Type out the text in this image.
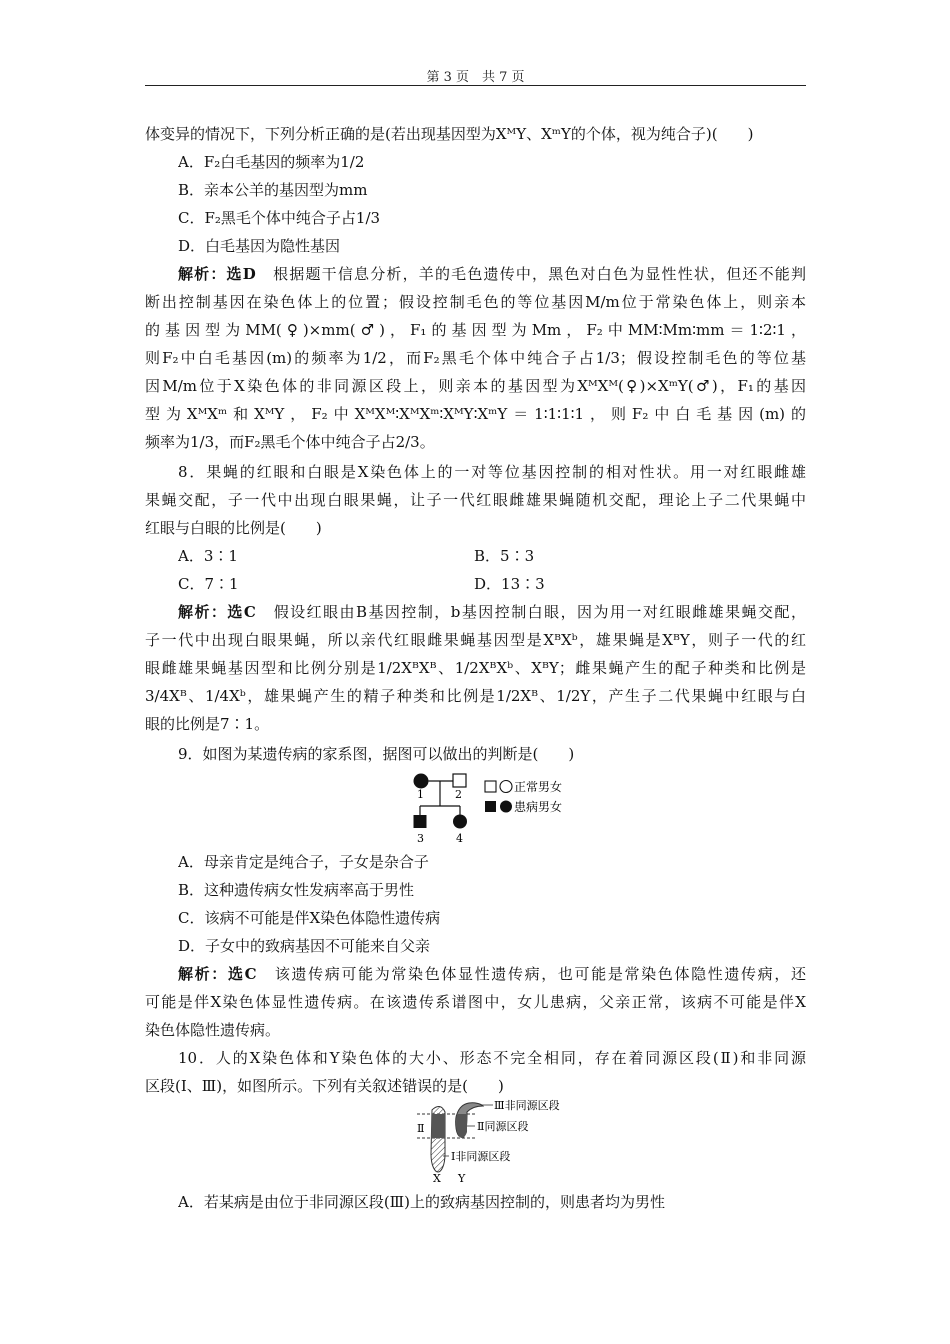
第 3 页　共 7 页
体变异的情况下，下列分析正确的是(若出现基因型为XᴹY、XᵐY的个体，视为纯合子)(　　)
A．F₂白毛基因的频率为1/2
B．亲本公羊的基因型为mm
C．F₂黑毛个体中纯合子占1/3
D．白毛基因为隐性基因
解析：选D　 根据题干信息分析，羊的毛色遗传中，黑色对白色为显性性状，但还不能判
断出控制基因在染色体上的位置；假设控制毛色的等位基因M/m位于常染色体上，则亲本
的基因型为MM(♀)×mm(♂)，F₁的基因型为Mm，F₂中MM∶Mm∶mm＝1∶2∶1，
则F₂中白毛基因(m)的频率为1/2，而F₂黑毛个体中纯合子占1/3；假设控制毛色的等位基
因M/m位于X染色体的非同源区段上，则亲本的基因型为XᴹXᴹ(♀)×XᵐY(♂)，F₁的基因
型为XᴹXᵐ和XᴹY，F₂中XᴹXᴹ∶XᴹXᵐ∶XᴹY∶XᵐY＝1∶1∶1∶1，则F₂中白毛基因(m)的
频率为1/3，而F₂黑毛个体中纯合子占2/3。
8．果蝇的红眼和白眼是X染色体上的一对等位基因控制的相对性状。用一对红眼雌雄
果蝇交配，子一代中出现白眼果蝇，让子一代红眼雌雄果蝇随机交配，理论上子二代果蝇中
红眼与白眼的比例是(　　)
A．3∶1	B．5∶3
C．7∶1	D．13∶3
解析：选C　 假设红眼由B基因控制，b基因控制白眼，因为用一对红眼雌雄果蝇交配，
子一代中出现白眼果蝇，所以亲代红眼雌果蝇基因型是XᴮXᵇ，雄果蝇是XᴮY，则子一代的红
眼雌雄果蝇基因型和比例分别是1/2XᴮXᴮ、1/2XᴮXᵇ、XᴮY；雌果蝇产生的配子种类和比例是
3/4Xᴮ、1/4Xᵇ，雄果蝇产生的精子种类和比例是1/2Xᴮ、1/2Y，产生子二代果蝇中红眼与白
眼的比例是7∶1。
9．如图为某遗传病的家系图，据图可以做出的判断是(　　)
1	2
3	4
正常男女
患病男女
A．母亲肯定是纯合子，子女是杂合子
B．这种遗传病女性发病率高于男性
C．该病不可能是伴X染色体隐性遗传病
D．子女中的致病基因不可能来自父亲
解析：选C　 该遗传病可能为常染色体显性遗传病，也可能是常染色体隐性遗传病，还
可能是伴X染色体显性遗传病。在该遗传系谱图中，女儿患病，父亲正常，该病不可能是伴X
染色体隐性遗传病。
10．人的X染色体和Y染色体的大小、形态不完全相同，存在着同源区段(Ⅱ)和非同源
区段(Ⅰ、Ⅲ)，如图所示。下列有关叙述错误的是(　　)
Ⅲ非同源区段
Ⅱ同源区段
Ⅱ
Ⅰ非同源区段
X Y
A．若某病是由位于非同源区段(Ⅲ)上的致病基因控制的，则患者均为男性
